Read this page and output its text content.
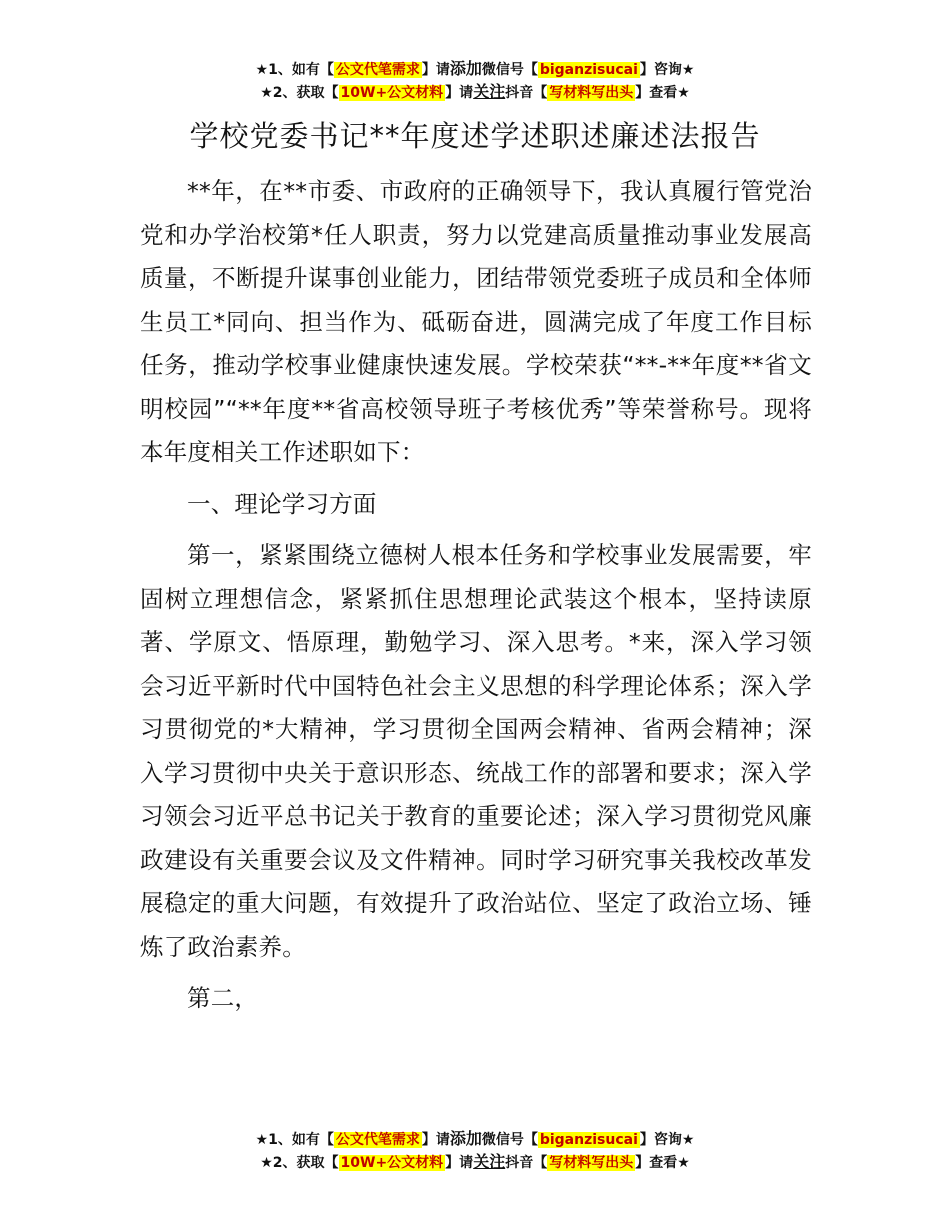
★1、如有【 公文代笔需求 】请添加微信号【 biganzisucai 】咨询★
★2、获取【 10W+公文材料 】请关注抖音【 写材料写出头 】查看★
学校党委书记**年度述学述职述廉述法报告

**年，在**市委、市政府的正确领导下，我认真履行管党治党和办学治校第*任人职责，努力以党建高质量推动事业发展高质量，不断提升谋事创业能力，团结带领党委班子成员和全体师生员工*同向、担当作为、砥砺奋进，圆满完成了年度工作目标任务，推动学校事业健康快速发展。学校荣获“**-**年度**省文明校园”“**年度**省高校领导班子考核优秀”等荣誉称号。现将本年度相关工作述职如下：

一、理论学习方面

第一，紧紧围绕立德树人根本任务和学校事业发展需要，牢固树立理想信念，紧紧抓住思想理论武装这个根本，坚持读原著、学原文、悟原理，勤勉学习、深入思考。*来，深入学习领会习近平新时代中国特色社会主义思想的科学理论体系；深入学习贯彻党的*大精神，学习贯彻全国两会精神、省两会精神；深入学习贯彻中央关于意识形态、统战工作的部署和要求；深入学习领会习近平总书记关于教育的重要论述；深入学习贯彻党风廉政建设有关重要会议及文件精神。同时学习研究事关我校改革发展稳定的重大问题，有效提升了政治站位、坚定了政治立场、锤炼了政治素养。

第二，

★1、如有【 公文代笔需求 】请添加微信号【 biganzisucai 】咨询★
★2、获取【 10W+公文材料 】请关注抖音【 写材料写出头 】查看★
